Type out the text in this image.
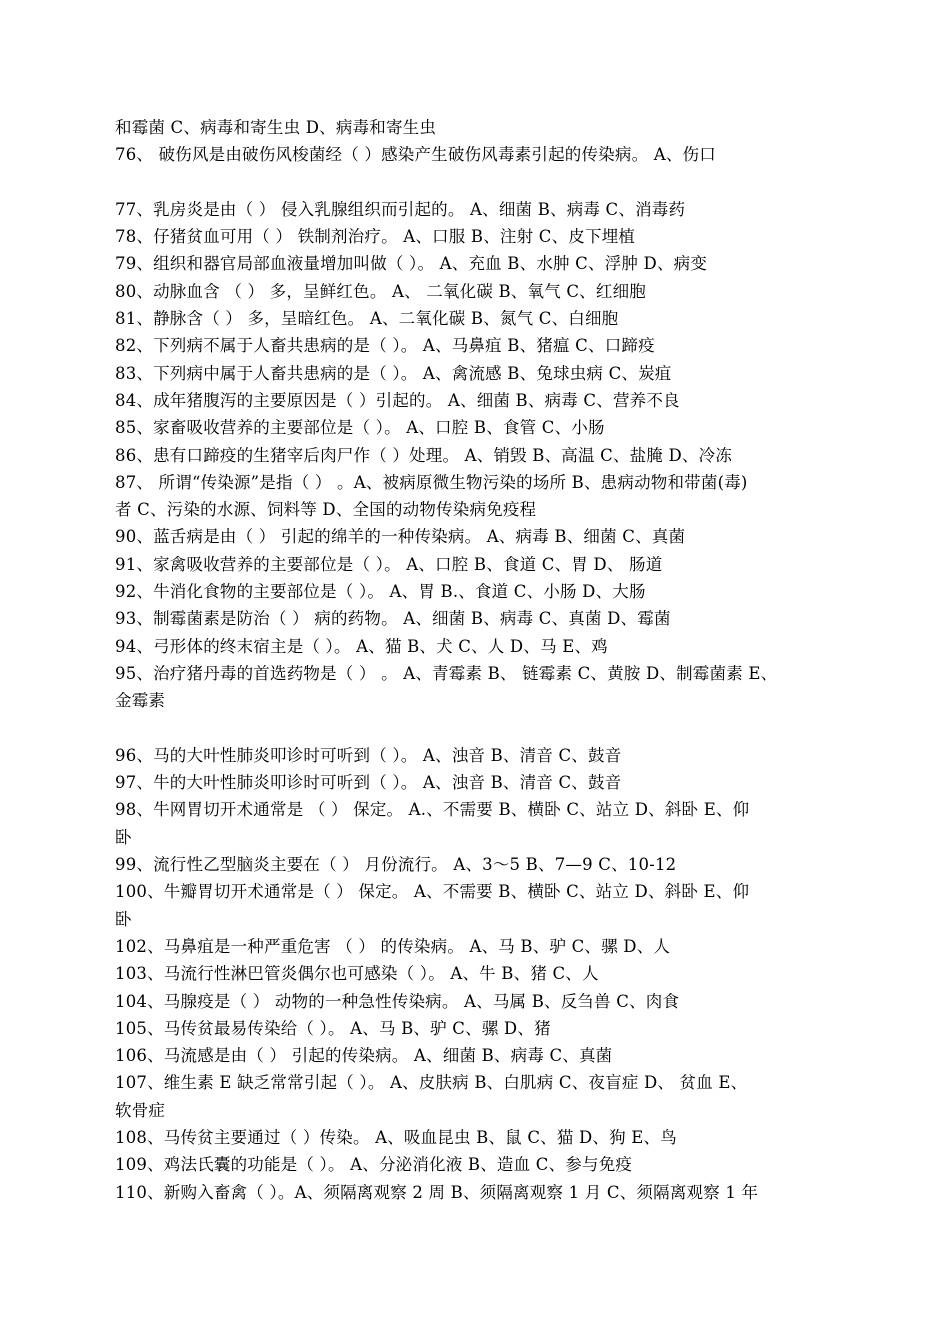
和霉菌 C、病毒和寄生虫 D、病毒和寄生虫
76、 破伤风是由破伤风梭菌经（ ）感染产生破伤风毒素引起的传染病。 A、伤口
77、乳房炎是由（ ） 侵入乳腺组织而引起的。 A、细菌 B、病毒 C、消毒药
78、仔猪贫血可用（ ） 铁制剂治疗。 A、口服 B、注射 C、皮下埋植
79、组织和器官局部血液量增加叫做（ ）。 A、充血 B、水肿 C、浮肿 D、病变
80、动脉血含 （ ） 多，呈鲜红色。 A、 二氧化碳 B、氧气 C、红细胞
81、静脉含（ ） 多，呈暗红色。 A、二氧化碳 B、氮气 C、白细胞
82、下列病不属于人畜共患病的是（ ）。 A、马鼻疽 B、猪瘟 C、口蹄疫
83、下列病中属于人畜共患病的是（ ）。 A、禽流感 B、兔球虫病 C、炭疽
84、成年猪腹泻的主要原因是（ ）引起的。 A、细菌 B、病毒 C、营养不良
85、家畜吸收营养的主要部位是（ ）。 A、口腔 B、食管 C、小肠
86、患有口蹄疫的生猪宰后肉尸作（ ）处理。 A、销毁 B、高温 C、盐腌 D、冷冻
87、 所谓“传染源”是指（ ） 。A、被病原微生物污染的场所 B、患病动物和带菌(毒)
者 C、污染的水源、饲料等 D、全国的动物传染病免疫程
90、蓝舌病是由（ ） 引起的绵羊的一种传染病。 A、病毒 B、细菌 C、真菌
91、家禽吸收营养的主要部位是（ ）。 A、口腔 B、食道 C、胃 D、 肠道
92、牛消化食物的主要部位是（ ）。 A、胃 B.、食道 C、小肠 D、大肠
93、制霉菌素是防治（ ） 病的药物。 A、细菌 B、病毒 C、真菌 D、霉菌
94、弓形体的终末宿主是（ ）。 A、猫 B、犬 C、人 D、马 E、鸡
95、治疗猪丹毒的首选药物是（ ） 。 A、青霉素 B、 链霉素 C、黄胺 D、制霉菌素 E、
金霉素
96、马的大叶性肺炎叩诊时可听到（ ）。 A、浊音 B、清音 C、鼓音
97、牛的大叶性肺炎叩诊时可听到（ ）。 A、浊音 B、清音 C、鼓音
98、牛网胃切开术通常是 （ ） 保定。 A.、不需要 B、横卧 C、站立 D、斜卧 E、仰
卧
99、流行性乙型脑炎主要在（ ） 月份流行。 A、3～5 B、7—9 C、10-12
100、牛瓣胃切开术通常是（ ） 保定。 A、不需要 B、横卧 C、站立 D、斜卧 E、仰
卧
102、马鼻疽是一种严重危害 （ ） 的传染病。 A、马 B、驴 C、骡 D、人
103、马流行性淋巴管炎偶尔也可感染（ ）。 A、牛 B、猪 C、人
104、马腺疫是（ ） 动物的一种急性传染病。 A、马属 B、反刍兽 C、肉食
105、马传贫最易传染给（ ）。 A、马 B、驴 C、骡 D、猪
106、马流感是由（ ） 引起的传染病。 A、细菌 B、病毒 C、真菌
107、维生素 E 缺乏常常引起（ ）。 A、皮肤病 B、白肌病 C、夜盲症 D、 贫血 E、
软骨症
108、马传贫主要通过（ ）传染。 A、吸血昆虫 B、鼠 C、猫 D、狗 E、鸟
109、鸡法氏囊的功能是（ ）。 A、分泌消化液 B、造血 C、参与免疫
110、新购入畜禽（ ）。A、须隔离观察 2 周 B、须隔离观察 1 月 C、须隔离观察 1 年
